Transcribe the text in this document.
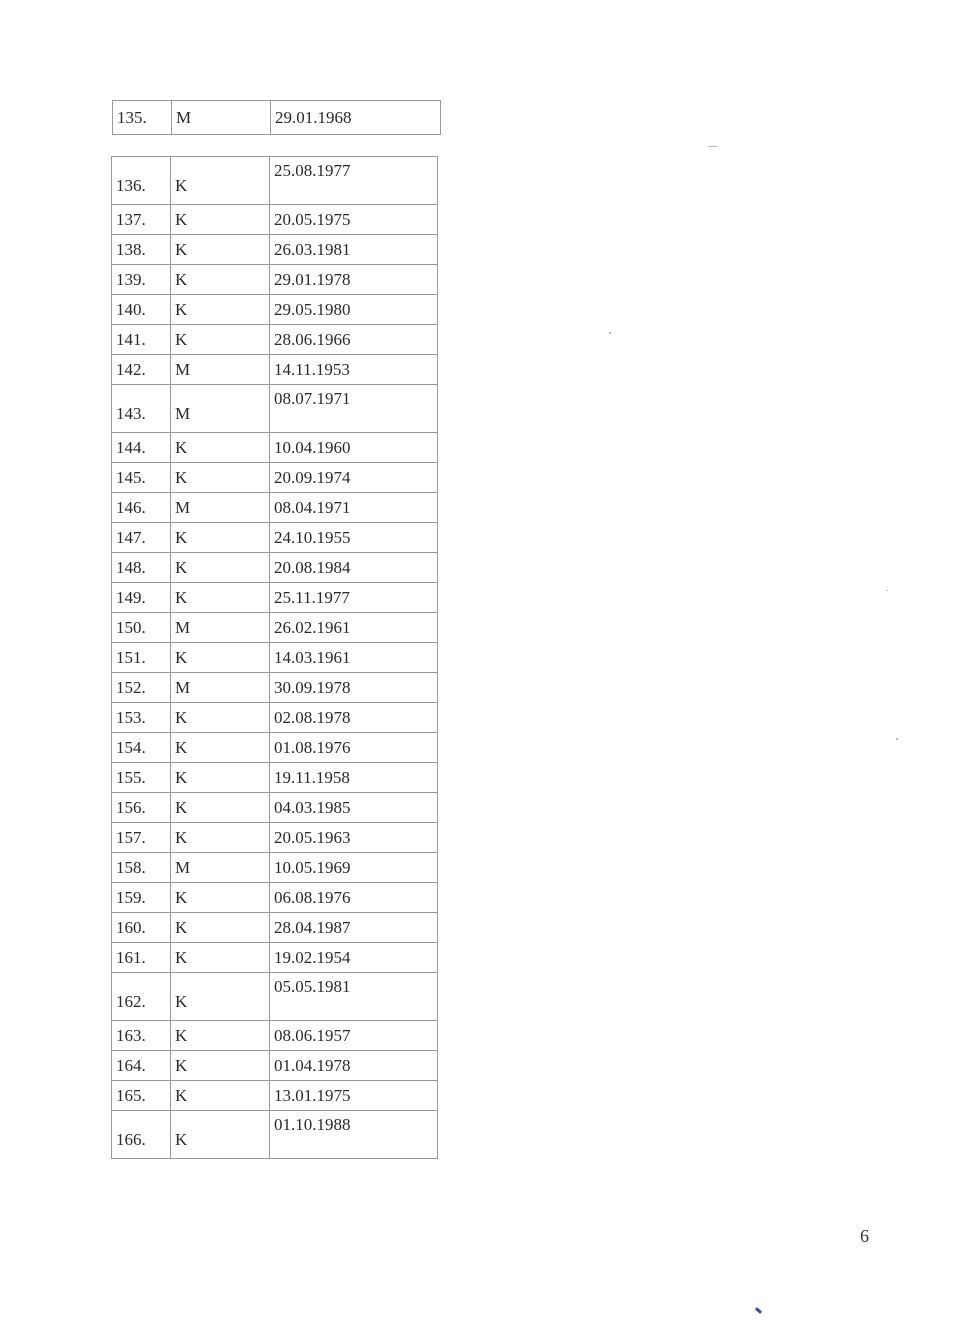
135.	M	29.01.1968
136.	K	25.08.1977
137.	K	20.05.1975
138.	K	26.03.1981
139.	K	29.01.1978
140.	K	29.05.1980
141.	K	28.06.1966
142.	M	14.11.1953
143.	M	08.07.1971
144.	K	10.04.1960
145.	K	20.09.1974
146.	M	08.04.1971
147.	K	24.10.1955
148.	K	20.08.1984
149.	K	25.11.1977
150.	M	26.02.1961
151.	K	14.03.1961
152.	M	30.09.1978
153.	K	02.08.1978
154.	K	01.08.1976
155.	K	19.11.1958
156.	K	04.03.1985
157.	K	20.05.1963
158.	M	10.05.1969
159.	K	06.08.1976
160.	K	28.04.1987
161.	K	19.02.1954
162.	K	05.05.1981
163.	K	08.06.1957
164.	K	01.04.1978
165.	K	13.01.1975
166.	K	01.10.1988
6
